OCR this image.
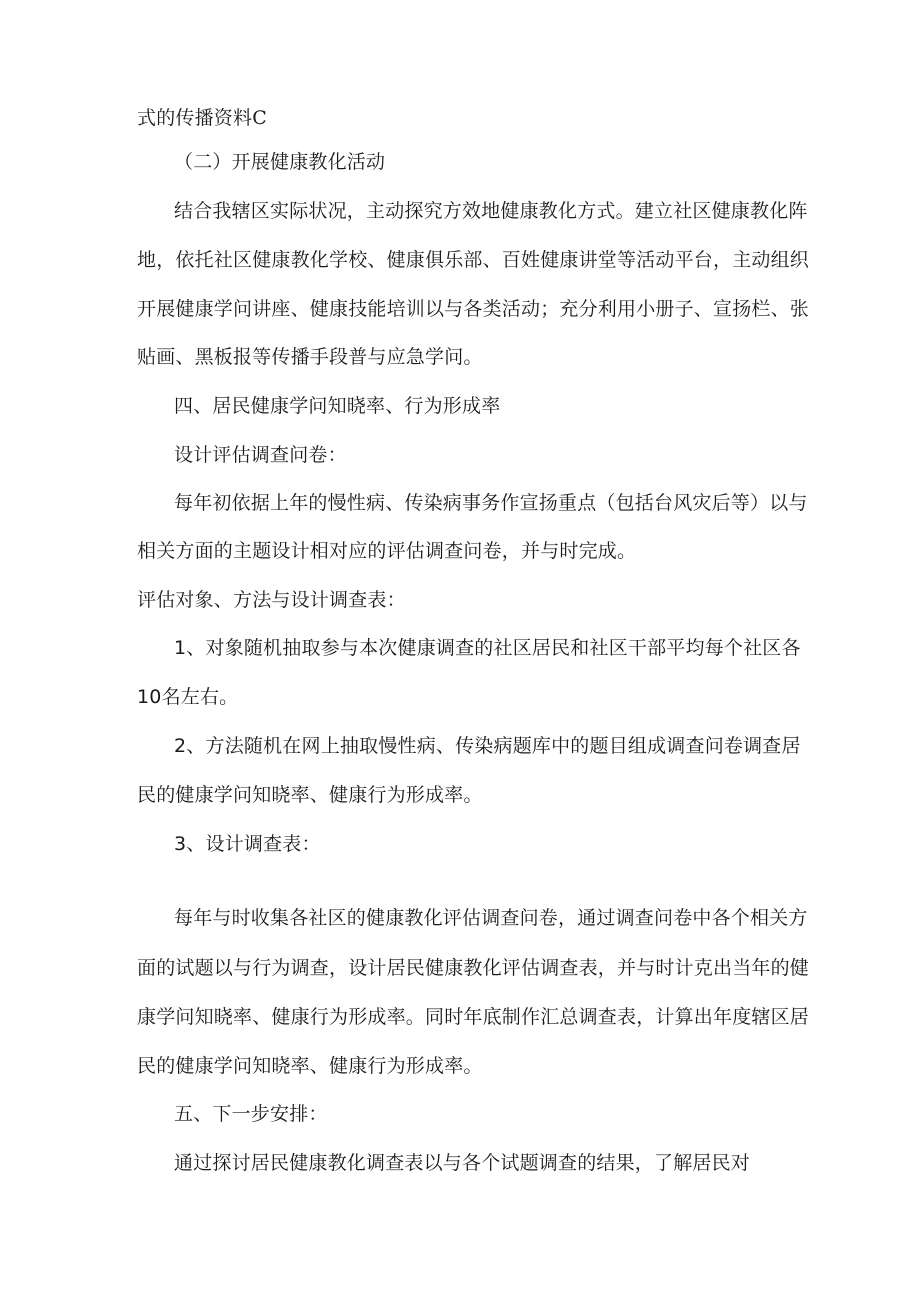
式的传播资料C
（二）开展健康教化活动
结合我辖区实际状况，主动探究方效地健康教化方式。建立社区健康教化阵
地，依托社区健康教化学校、健康俱乐部、百姓健康讲堂等活动平台，主动组织
开展健康学问讲座、健康技能培训以与各类活动；充分利用小册子、宣扬栏、张
贴画、黑板报等传播手段普与应急学问。
四、居民健康学问知晓率、行为形成率
设计评估调查问卷：
每年初依据上年的慢性病、传染病事务作宣扬重点（包括台风灾后等）以与
相关方面的主题设计相对应的评估调查问卷，并与时完成。
评估对象、方法与设计调查表：
1、对象随机抽取参与本次健康调查的社区居民和社区干部平均每个社区各
10名左右。
2、方法随机在网上抽取慢性病、传染病题库中的题目组成调查问卷调查居
民的健康学问知晓率、健康行为形成率。
3、设计调查表：
每年与时收集各社区的健康教化评估调查问卷，通过调查问卷中各个相关方
面的试题以与行为调查，设计居民健康教化评估调查表，并与时计克出当年的健
康学问知晓率、健康行为形成率。同时年底制作汇总调查表，计算出年度辖区居
民的健康学问知晓率、健康行为形成率。
五、下一步安排：
通过探讨居民健康教化调查表以与各个试题调查的结果，了解居民对
